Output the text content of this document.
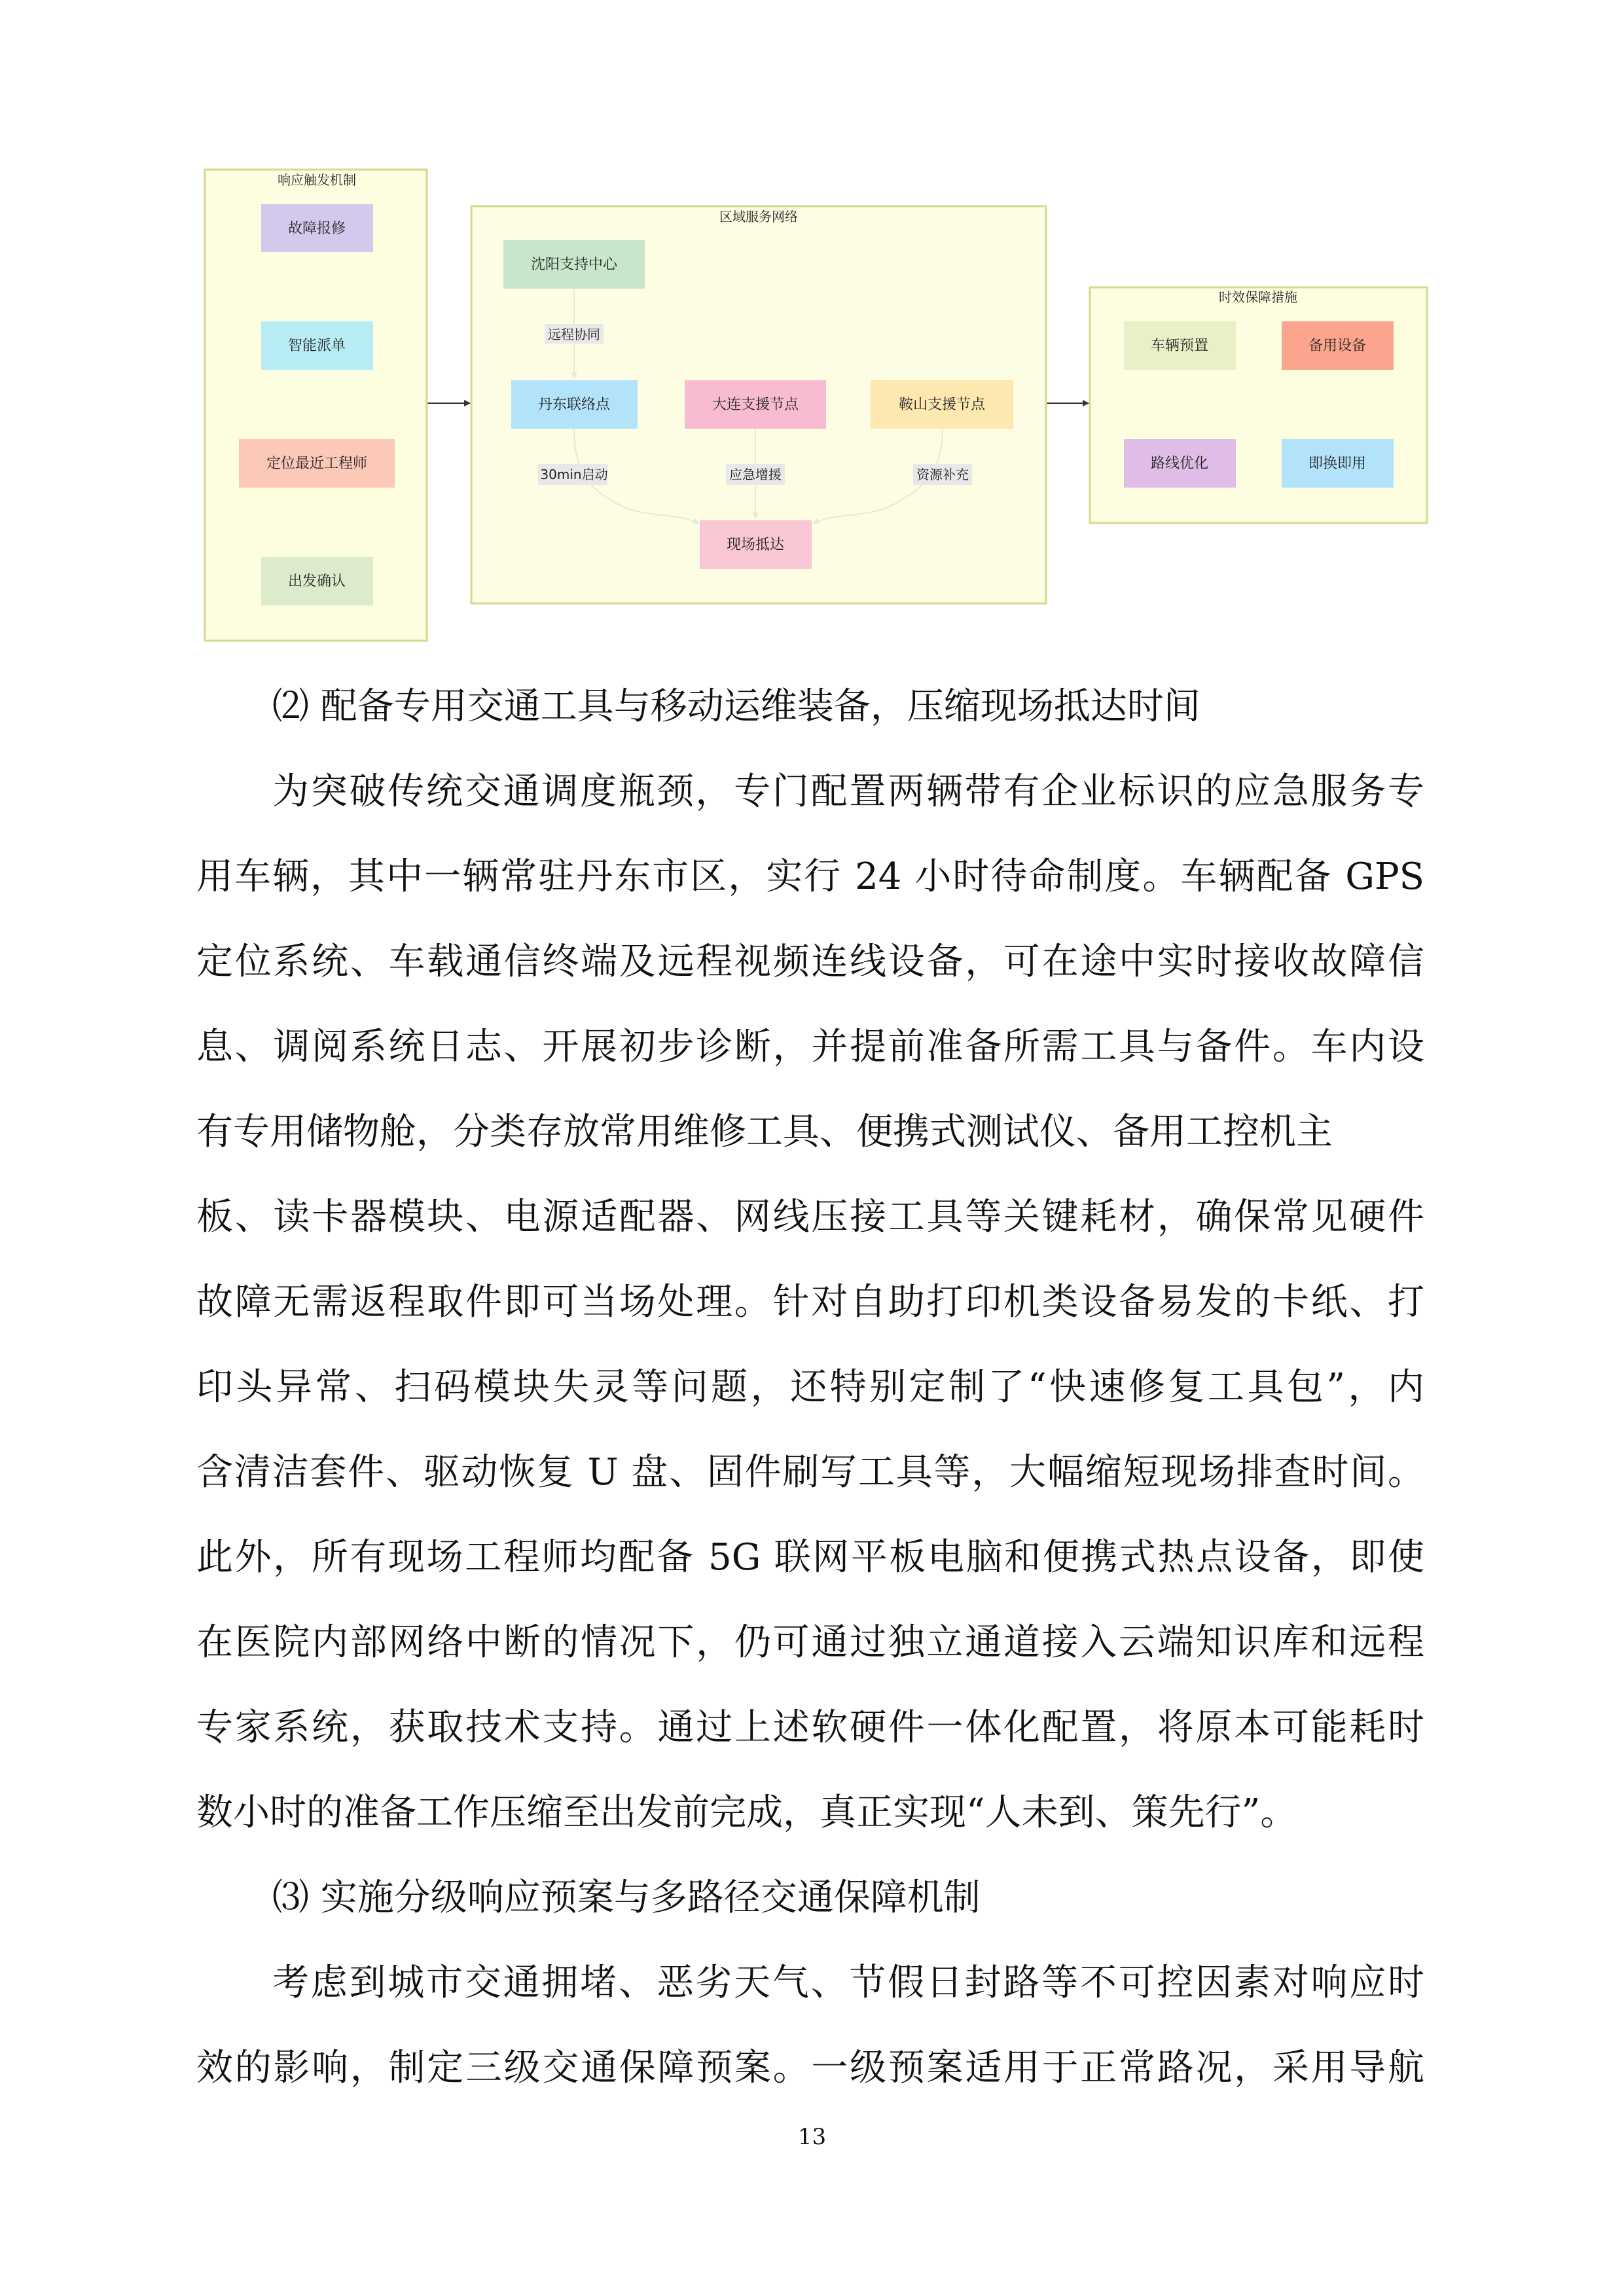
响应触发机制
故障报修
智能派单
定位最近工程师
出发确认
区域服务网络
沈阳支持中心
远程协同
丹东联络点	大连支援节点	鞍山支援节点
30min启动	应急增援	资源补充
现场抵达
时效保障措施
车辆预置	备用设备
路线优化	即换即用
⑵ 配备专用交通工具与移动运维装备，压缩现场抵达时间
为突破传统交通调度瓶颈，专门配置两辆带有企业标识的应急服务专
用车辆，其中一辆常驻丹东市区，实行 24 小时待命制度。车辆配备 GPS
定位系统、车载通信终端及远程视频连线设备，可在途中实时接收故障信
息、调阅系统日志、开展初步诊断，并提前准备所需工具与备件。车内设
有专用储物舱，分类存放常用维修工具、便携式测试仪、备用工控机主
板、读卡器模块、电源适配器、网线压接工具等关键耗材，确保常见硬件
故障无需返程取件即可当场处理。针对自助打印机类设备易发的卡纸、打
印头异常、扫码模块失灵等问题，还特别定制了“快速修复工具包”，内
含清洁套件、驱动恢复 U 盘、固件刷写工具等，大幅缩短现场排查时间。
此外，所有现场工程师均配备 5G 联网平板电脑和便携式热点设备，即使
在医院内部网络中断的情况下，仍可通过独立通道接入云端知识库和远程
专家系统，获取技术支持。通过上述软硬件一体化配置，将原本可能耗时
数小时的准备工作压缩至出发前完成，真正实现“人未到、策先行”。
⑶ 实施分级响应预案与多路径交通保障机制
考虑到城市交通拥堵、恶劣天气、节假日封路等不可控因素对响应时
效的影响，制定三级交通保障预案。一级预案适用于正常路况，采用导航
13
